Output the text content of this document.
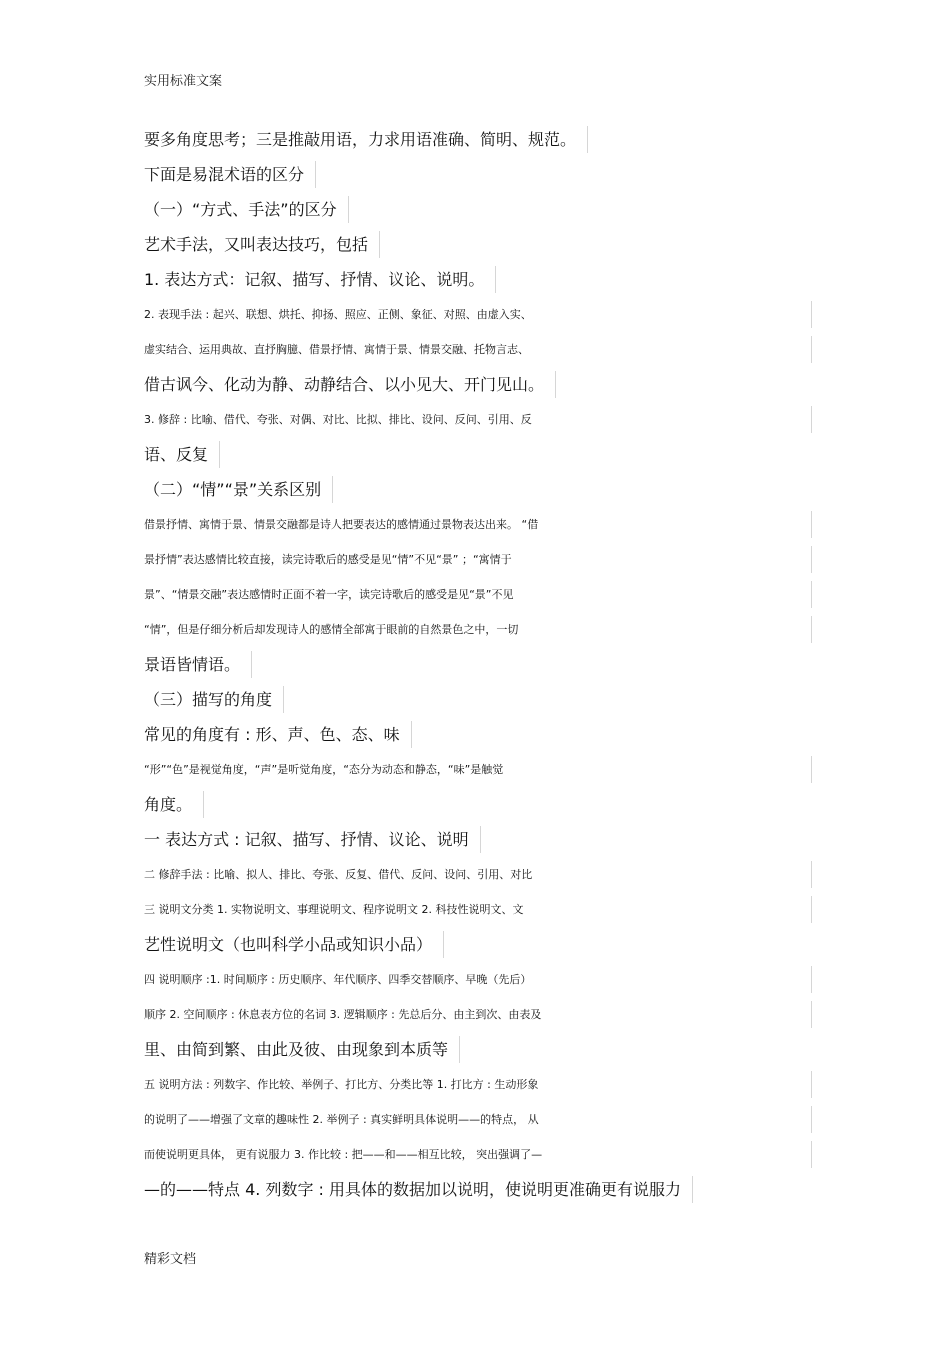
实用标准文案
要多角度思考；三是推敲用语，力求用语准确、简明、规范。
下面是易混术语的区分
（一）“方式、手法”的区分
艺术手法，又叫表达技巧，包括
1. 表达方式：记叙、描写、抒情、议论、说明。
2. 表现手法 : 起兴、联想、烘托、抑扬、照应、正侧、象征、对照、由虚入实、
虚实结合、运用典故、直抒胸臆、借景抒情、寓情于景、情景交融、托物言志、
借古讽今、化动为静、动静结合、以小见大、开门见山。
3. 修辞 : 比喻、借代、夸张、对偶、对比、比拟、排比、设问、反问、引用、反
语、反复
（二）“情”“景”关系区别
借景抒情、寓情于景、情景交融都是诗人把要表达的感情通过景物表达出来。 “借
景抒情”表达感情比较直接，读完诗歌后的感受是见“情”不见“景” ；“寓情于
景”、“情景交融”表达感情时正面不着一字，读完诗歌后的感受是见“景”不见
“情”，但是仔细分析后却发现诗人的感情全部寓于眼前的自然景色之中，一切
景语皆情语。
（三）描写的角度
常见的角度有 : 形、声、色、态、味
“形”“色”是视觉角度，“声”是听觉角度，“态分为动态和静态，“味”是触觉
角度。
一 表达方式 : 记叙、描写、抒情、议论、说明
二 修辞手法 : 比喻、拟人、排比、夸张、反复、借代、反问、设问、引用、对比
三 说明文分类 1. 实物说明文、事理说明文、程序说明文 2. 科技性说明文、文
艺性说明文（也叫科学小品或知识小品）
四 说明顺序 :1. 时间顺序 : 历史顺序、年代顺序、四季交替顺序、早晚（先后）
顺序 2. 空间顺序 : 休息表方位的名词 3. 逻辑顺序 : 先总后分、由主到次、由表及
里、由简到繁、由此及彼、由现象到本质等
五 说明方法 : 列数字、作比较、举例子、打比方、分类比等 1. 打比方 : 生动形象
的说明了——增强了文章的趣味性 2. 举例子 : 真实鲜明具体说明——的特点， 从
而使说明更具体， 更有说服力 3. 作比较 : 把——和——相互比较， 突出强调了—
—的——特点 4. 列数字 : 用具体的数据加以说明，使说明更准确更有说服力
精彩文档
